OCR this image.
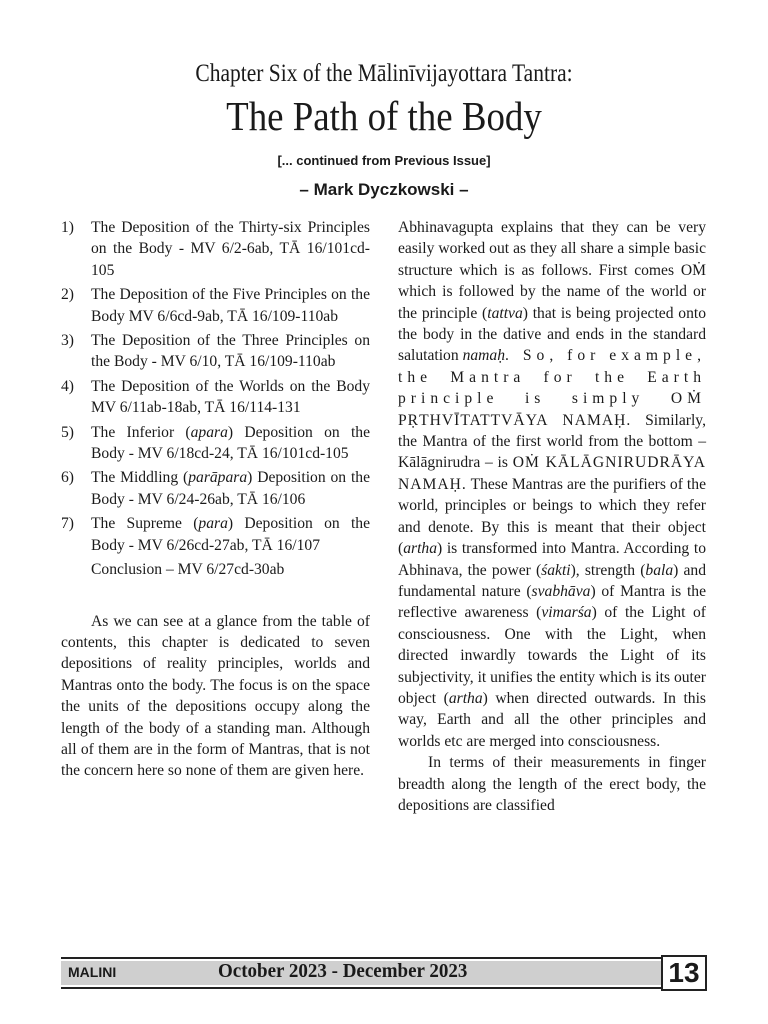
Chapter Six of the Mālinīvijayottara Tantra:
The Path of the Body
[... continued from Previous Issue]
– Mark Dyczkowski –
1) The Deposition of the Thirty-six Principles on the Body - MV 6/2-6ab, TĀ 16/101cd-105
2) The Deposition of the Five Principles on the Body MV 6/6cd-9ab, TĀ 16/109-110ab
3) The Deposition of the Three Principles on the Body - MV 6/10, TĀ 16/109-110ab
4) The Deposition of the Worlds on the Body MV 6/11ab-18ab, TĀ 16/114-131
5) The Inferior (apara) Deposition on the Body - MV 6/18cd-24, TĀ 16/101cd-105
6) The Middling (parāpara) Deposition on the Body - MV 6/24-26ab, TĀ 16/106
7) The Supreme (para) Deposition on the Body - MV 6/26cd-27ab, TĀ 16/107
Conclusion – MV 6/27cd-30ab

As we can see at a glance from the table of contents, this chapter is dedicated to seven depositions of reality principles, worlds and Mantras onto the body. The focus is on the space the units of the depositions occupy along the length of the body of a standing man. Although all of them are in the form of Mantras, that is not the concern here so none of them are given here.

Abhinavagupta explains that they can be very easily worked out as they all share a simple basic structure which is as follows. First comes OṀ which is followed by the name of the world or the principle (tattva) that is being projected onto the body in the dative and ends in the standard salutation namaḥ. So, for example, the Mantra for the Earth principle is simply OṀ PṚTHVĪTATTVĀYA NAMAḤ. Similarly, the Mantra of the first world from the bottom – Kālāgnirudra – is OṀ KĀLĀGNIRUDRĀYA NAMAḤ. These Mantras are the purifiers of the world, principles or beings to which they refer and denote. By this is meant that their object (artha) is transformed into Mantra. According to Abhinava, the power (śakti), strength (bala) and fundamental nature (svabhāva) of Mantra is the reflective awareness (vimarśa) of the Light of consciousness. One with the Light, when directed inwardly towards the Light of its subjectivity, it unifies the entity which is its outer object (artha) when directed outwards. In this way, Earth and all the other principles and worlds etc are merged into consciousness.

In terms of their measurements in finger breadth along the length of the erect body, the depositions are classified

MALINI	October 2023 - December 2023	13
